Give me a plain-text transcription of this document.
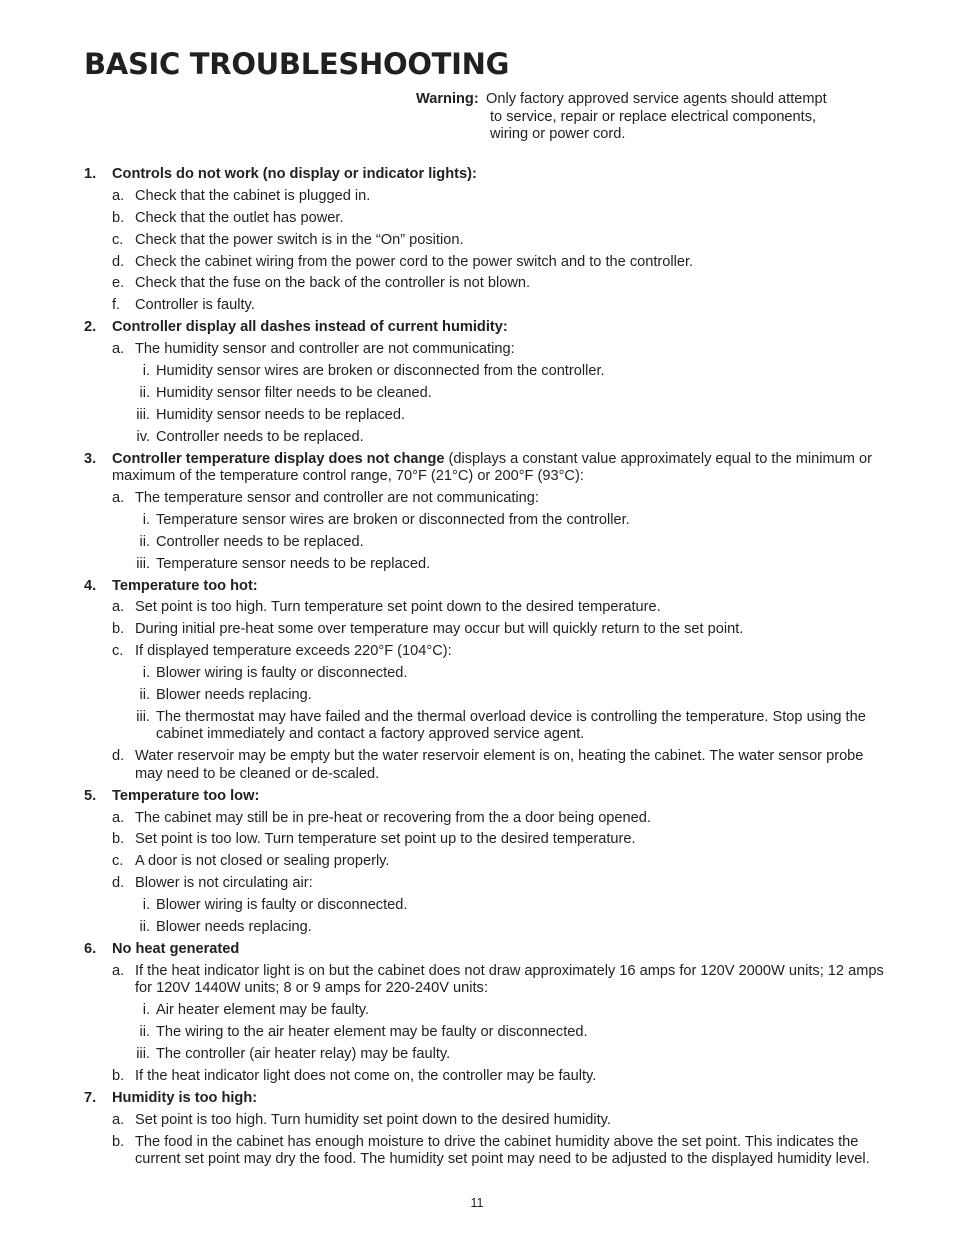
BASIC TROUBLESHOOTING
Warning: Only factory approved service agents should attempt
to service, repair or replace electrical components,
wiring or power cord.
1.	Controls do not work (no display or indicator lights):
a. Check that the cabinet is plugged in.
b. Check that the outlet has power.
c. Check that the power switch is in the “On” position.
d. Check the cabinet wiring from the power cord to the power switch and to the controller.
e. Check that the fuse on the back of the controller is not blown.
f.	Controller is faulty.
2.	Controller display all dashes instead of current humidity:
a. The humidity sensor and controller are not communicating:
i. Humidity sensor wires are broken or disconnected from the controller.
ii. Humidity sensor filter needs to be cleaned.
iii. Humidity sensor needs to be replaced.
iv. Controller needs to be replaced.
3.	Controller temperature display does not change (displays a constant value approximately equal to the minimum or maximum of the temperature control range, 70°F (21°C) or 200°F (93°C):
a. The temperature sensor and controller are not communicating:
i. Temperature sensor wires are broken or disconnected from the controller.
ii. Controller needs to be replaced.
iii. Temperature sensor needs to be replaced.
4.	Temperature too hot:
a. Set point is too high. Turn temperature set point down to the desired temperature.
b. During initial pre-heat some over temperature may occur but will quickly return to the set point.
c. If displayed temperature exceeds 220°F (104°C):
i. Blower wiring is faulty or disconnected.
ii. Blower needs replacing.
iii. The thermostat may have failed and the thermal overload device is controlling the temperature. Stop using the cabinet immediately and contact a factory approved service agent.
d. Water reservoir may be empty but the water reservoir element is on, heating the cabinet. The water sensor probe may need to be cleaned or de-scaled.
5.	Temperature too low:
a. The cabinet may still be in pre-heat or recovering from the a door being opened.
b. Set point is too low. Turn temperature set point up to the desired temperature.
c. A door is not closed or sealing properly.
d. Blower is not circulating air:
i. Blower wiring is faulty or disconnected.
ii. Blower needs replacing.
6.	No heat generated
a. If the heat indicator light is on but the cabinet does not draw approximately 16 amps for 120V 2000W units; 12 amps for 120V 1440W units; 8 or 9 amps for 220-240V units:
i. Air heater element may be faulty.
ii. The wiring to the air heater element may be faulty or disconnected.
iii. The controller (air heater relay) may be faulty.
b. If the heat indicator light does not come on, the controller may be faulty.
7.	Humidity is too high:
a. Set point is too high. Turn humidity set point down to the desired humidity.
b. The food in the cabinet has enough moisture to drive the cabinet humidity above the set point. This indicates the current set point may dry the food. The humidity set point may need to be adjusted to the displayed humidity level.
11
